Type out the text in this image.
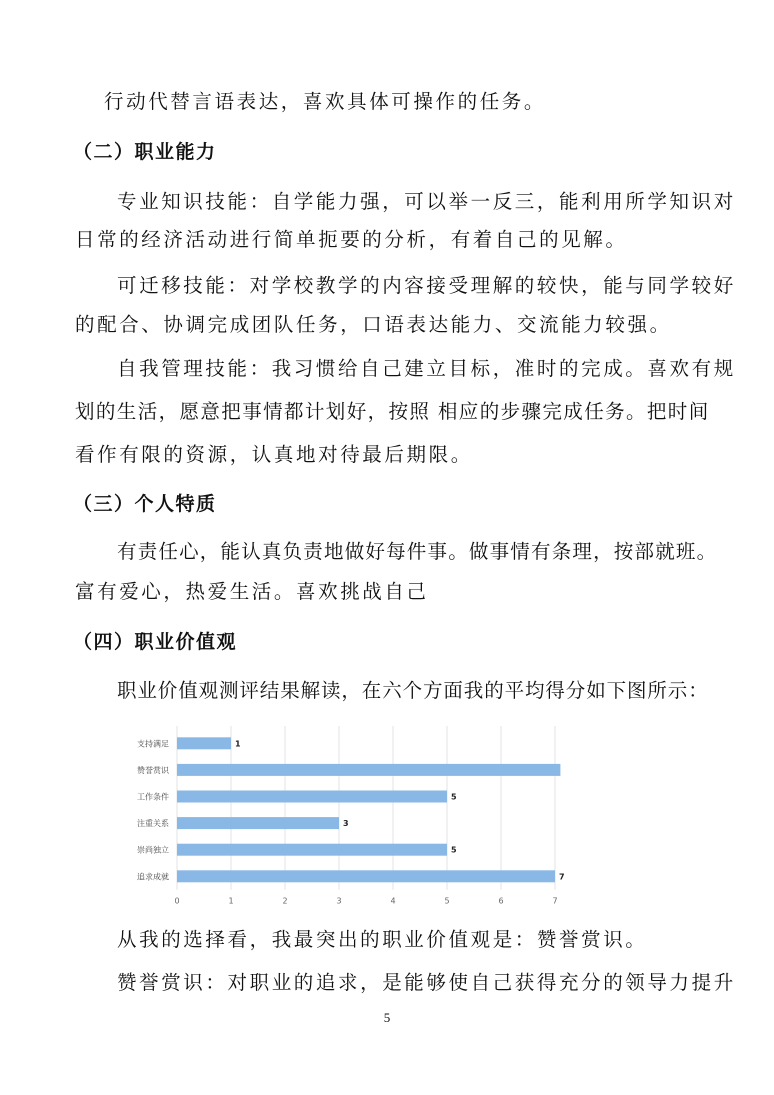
行动代替言语表达，喜欢具体可操作的任务。
（二）职业能力
专业知识技能：自学能力强，可以举一反三，能利用所学知识对
日常的经济活动进行简单扼要的分析，有着自己的见解。
可迁移技能：对学校教学的内容接受理解的较快，能与同学较好
的配合、协调完成团队任务，口语表达能力、交流能力较强。
自我管理技能：我习惯给自己建立目标，准时的完成。喜欢有规
划的生活，愿意把事情都计划好，按照 相应的步骤完成任务。把时间
看作有限的资源，认真地对待最后期限。
（三）个人特质
有责任心，能认真负责地做好每件事。做事情有条理，按部就班。
富有爱心，热爱生活。喜欢挑战自己
（四）职业价值观
职业价值观测评结果解读，在六个方面我的平均得分如下图所示：
0	1	2	3	4	5	6	7
支持满足	1
赞誉赏识
工作条件	5
注重关系	3
崇尚独立	5
追求成就	7
从我的选择看，我最突出的职业价值观是：赞誉赏识。
赞誉赏识：对职业的追求，是能够使自己获得充分的领导力提升
5
